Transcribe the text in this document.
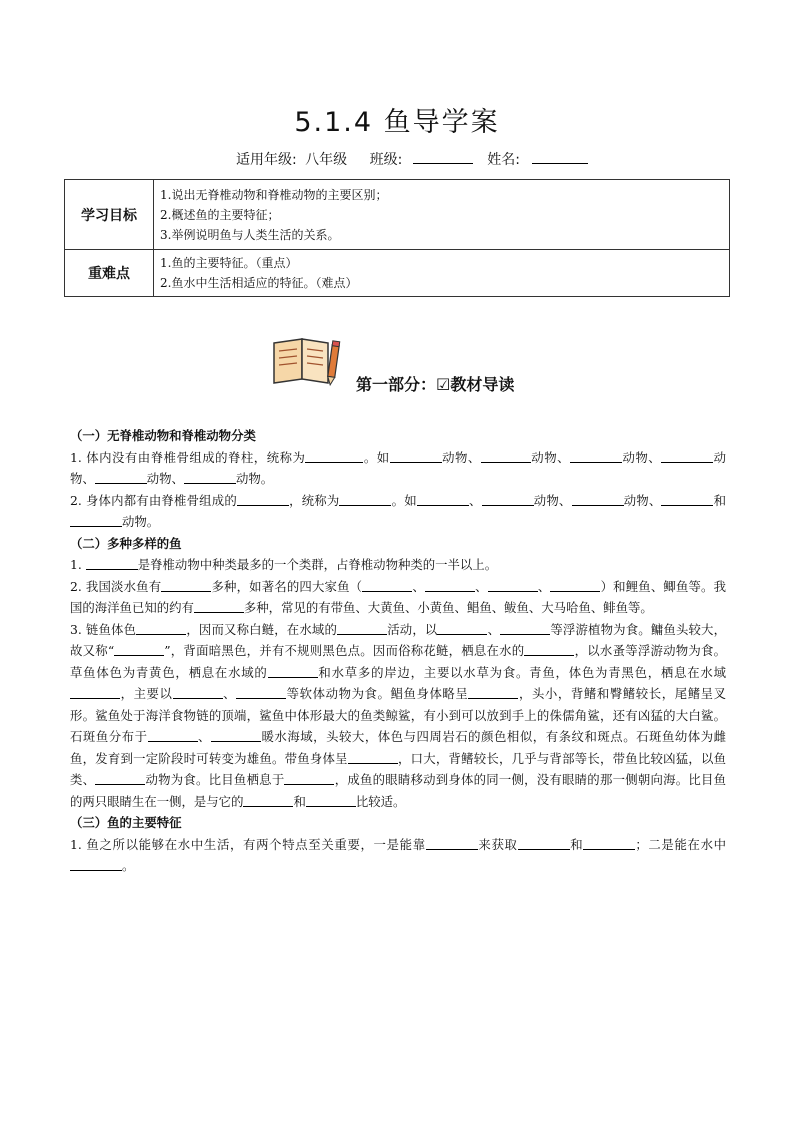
5.1.4 鱼导学案
适用年级: 八年级 班级:	姓名:
学习目标	1.说出无脊椎动物和脊椎动物的主要区别；
2.概述鱼的主要特征；
3.举例说明鱼与人类生活的关系。

重难点	1.鱼的主要特征。（重点）
2.鱼水中生活相适应的特征。（难点）
第一部分：☑教材导读
（一）无脊椎动物和脊椎动物分类
1. 体内没有由脊椎骨组成的脊柱，统称为	。如	动物、	动物、	动物、	动物、	动物、	动物。
2. 身体内都有由脊椎骨组成的	，统称为	。如	、	动物、	动物、	和动物。
（二）多种多样的鱼
1.	是脊椎动物中种类最多的一个类群，占脊椎动物种类的一半以上。
2. 我国淡水鱼有	多种，如著名的四大家鱼（	、	、	、	）和鲤鱼、鲫鱼等。我国的海洋鱼已知的约有	多种，常见的有带鱼、大黄鱼、小黄鱼、鲳鱼、鲅鱼、大马哈鱼、鲱鱼等。
3. 链鱼体色	，因而又称白鲢，在水域的	活动，以	、	等浮游植物为食。鳙鱼头较大，故又称“	”，背面暗黑色，并有不规则黑色点。因而俗称花鲢，栖息在水的	，以水蚤等浮游动物为食。草鱼体色为青黄色，栖息在水域的	和水草多的岸边，主要以水草为食。青鱼，体色为青黑色，栖息在水域，主要以	、	等软体动物为食。鲳鱼身体略呈	，头小，背鳍和臀鳍较长，尾鳍呈叉形。鲨鱼处于海洋食物链的顶端，鲨鱼中体形最大的鱼类鲸鲨，有小到可以放到手上的侏儒角鲨，还有凶猛的大白鲨。石斑鱼分布于	、	暖水海域，头较大，体色与四周岩石的颜色相似，有条纹和斑点。石斑鱼幼体为雌鱼，发育到一定阶段时可转变为雄鱼。带鱼身体呈	，口大，背鳍较长，几乎与背部等长，带鱼比较凶猛，以鱼类、	动物为食。比目鱼栖息于	，成鱼的眼睛移动到身体的同一侧，没有眼睛的那一侧朝向海。比目鱼的两只眼睛生在一侧，是与它的	和	比较适。
（三）鱼的主要特征
1. 鱼之所以能够在水中生活，有两个特点至关重要，一是能靠	来获取	和	；二是能在水中。
